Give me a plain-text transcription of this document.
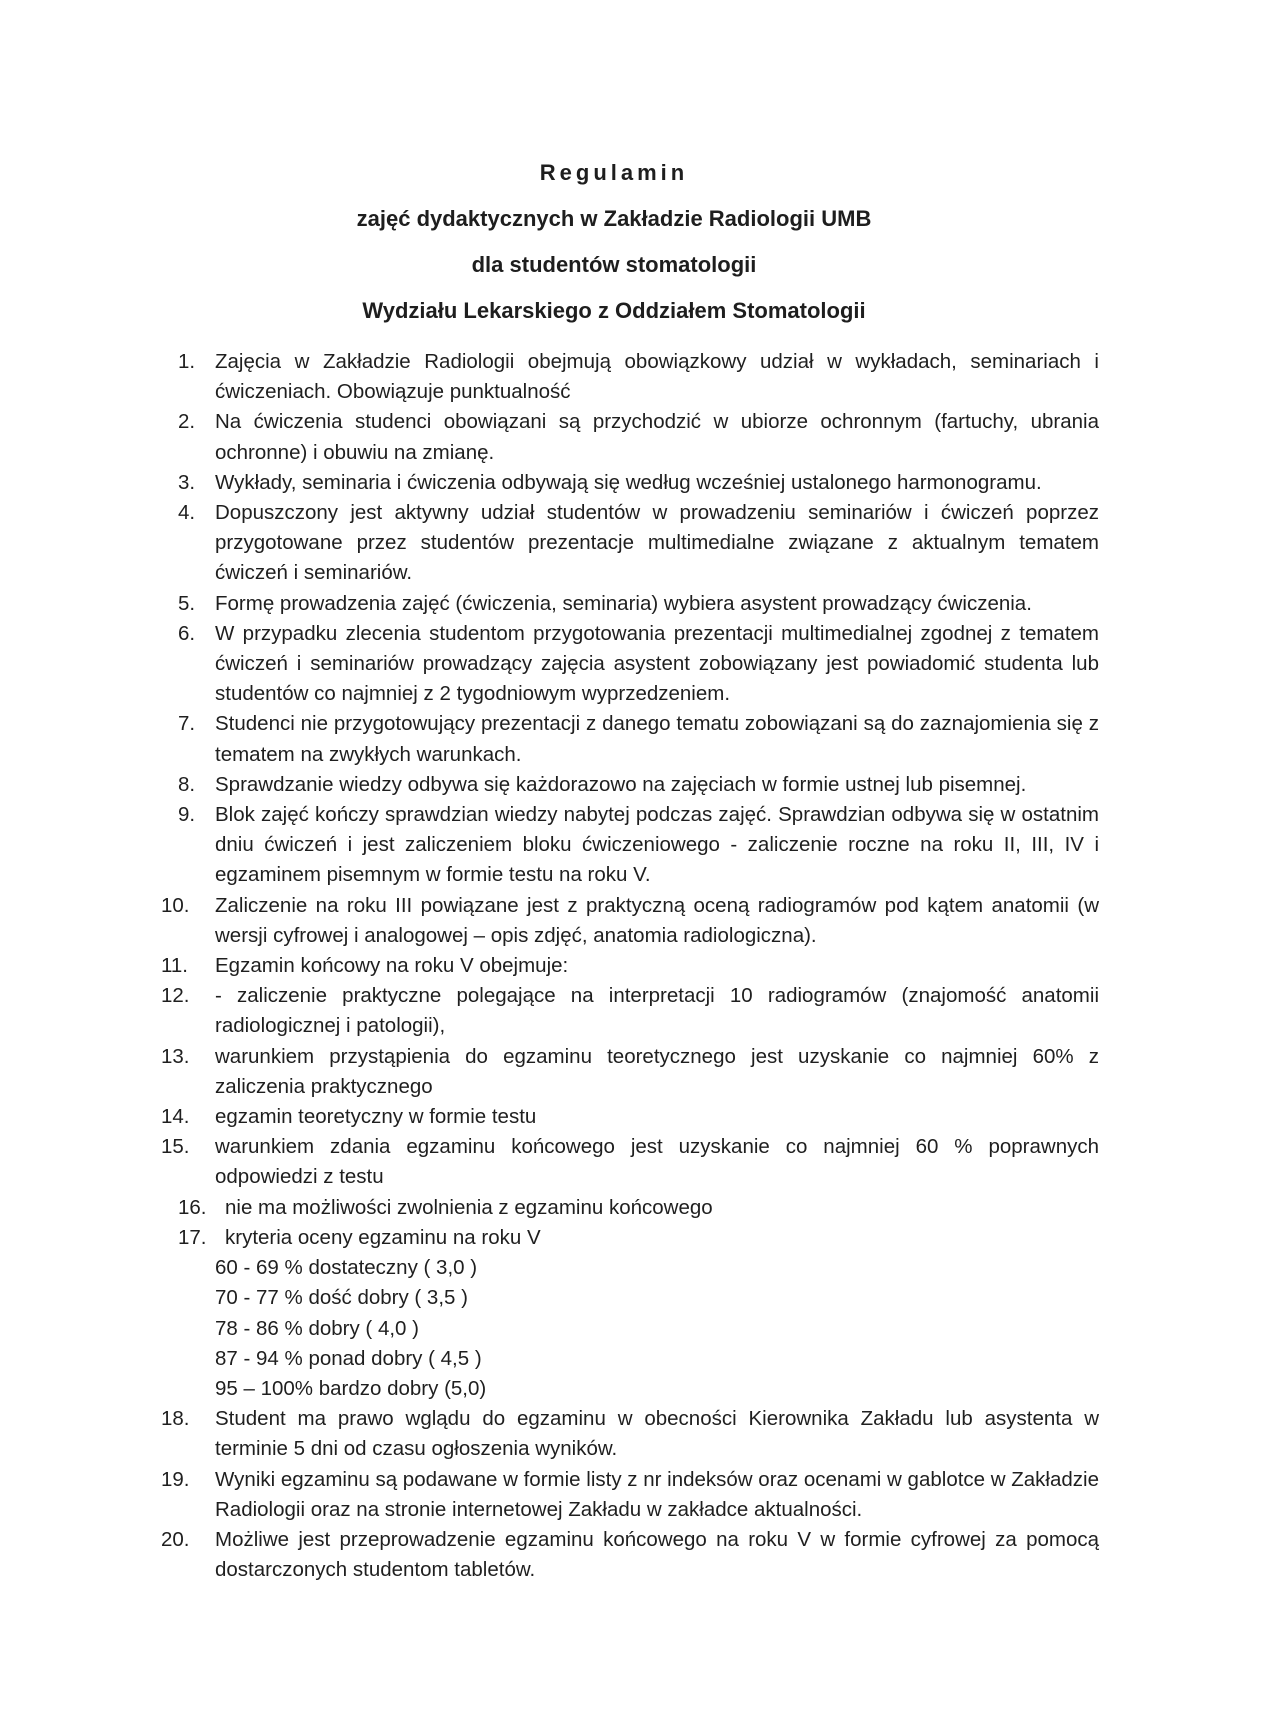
Regulamin
zajęć dydaktycznych w Zakładzie Radiologii UMB
dla studentów stomatologii
Wydziału Lekarskiego z Oddziałem Stomatologii
1. Zajęcia w Zakładzie Radiologii obejmują obowiązkowy udział w wykładach, seminariach i ćwiczeniach. Obowiązuje punktualność
2. Na ćwiczenia studenci obowiązani są przychodzić w ubiorze ochronnym (fartuchy, ubrania ochronne) i obuwiu na zmianę.
3. Wykłady, seminaria i ćwiczenia odbywają się według wcześniej ustalonego harmonogramu.
4. Dopuszczony jest aktywny udział studentów w prowadzeniu seminariów i ćwiczeń poprzez przygotowane przez studentów prezentacje multimedialne związane z aktualnym tematem ćwiczeń i seminariów.
5. Formę prowadzenia zajęć (ćwiczenia, seminaria) wybiera asystent prowadzący ćwiczenia.
6. W przypadku zlecenia studentom przygotowania prezentacji multimedialnej zgodnej z tematem ćwiczeń i seminariów prowadzący zajęcia asystent zobowiązany jest powiadomić studenta lub studentów co najmniej z 2 tygodniowym wyprzedzeniem.
7. Studenci nie przygotowujący prezentacji z danego tematu zobowiązani są do zaznajomienia się z tematem na zwykłych warunkach.
8. Sprawdzanie wiedzy odbywa się każdorazowo na zajęciach w formie ustnej lub pisemnej.
9. Blok zajęć kończy sprawdzian wiedzy nabytej podczas zajęć. Sprawdzian odbywa się w ostatnim dniu ćwiczeń i jest zaliczeniem bloku ćwiczeniowego - zaliczenie roczne na roku II, III, IV i egzaminem pisemnym w formie testu na roku V.
10.	Zaliczenie na roku III powiązane jest z praktyczną oceną radiogramów pod kątem anatomii (w wersji cyfrowej i analogowej – opis zdjęć, anatomia radiologiczna).
11.	Egzamin końcowy na roku V obejmuje:
12.	- zaliczenie praktyczne polegające na interpretacji 10 radiogramów (znajomość anatomii radiologicznej i patologii),
13.	warunkiem przystąpienia do egzaminu teoretycznego jest uzyskanie co najmniej 60% z zaliczenia praktycznego
14.	egzamin teoretyczny w formie testu
15.	warunkiem zdania egzaminu końcowego jest uzyskanie co najmniej 60 % poprawnych odpowiedzi z testu
16. nie ma możliwości zwolnienia z egzaminu końcowego
17. kryteria oceny egzaminu na roku V
60 - 69 % dostateczny ( 3,0 )
70 - 77 % dość dobry ( 3,5 )
78 - 86 % dobry ( 4,0 )
87 - 94 % ponad dobry ( 4,5 )
95 – 100% bardzo dobry (5,0)
18.	Student ma prawo wglądu do egzaminu w obecności Kierownika Zakładu lub asystenta w terminie 5 dni od czasu ogłoszenia wyników.
19.	Wyniki egzaminu są podawane w formie listy z nr indeksów oraz ocenami w gablotce w Zakładzie Radiologii oraz na stronie internetowej Zakładu w zakładce aktualności.
20.	Możliwe jest przeprowadzenie egzaminu końcowego na roku V w formie cyfrowej za pomocą dostarczonych studentom tabletów.
